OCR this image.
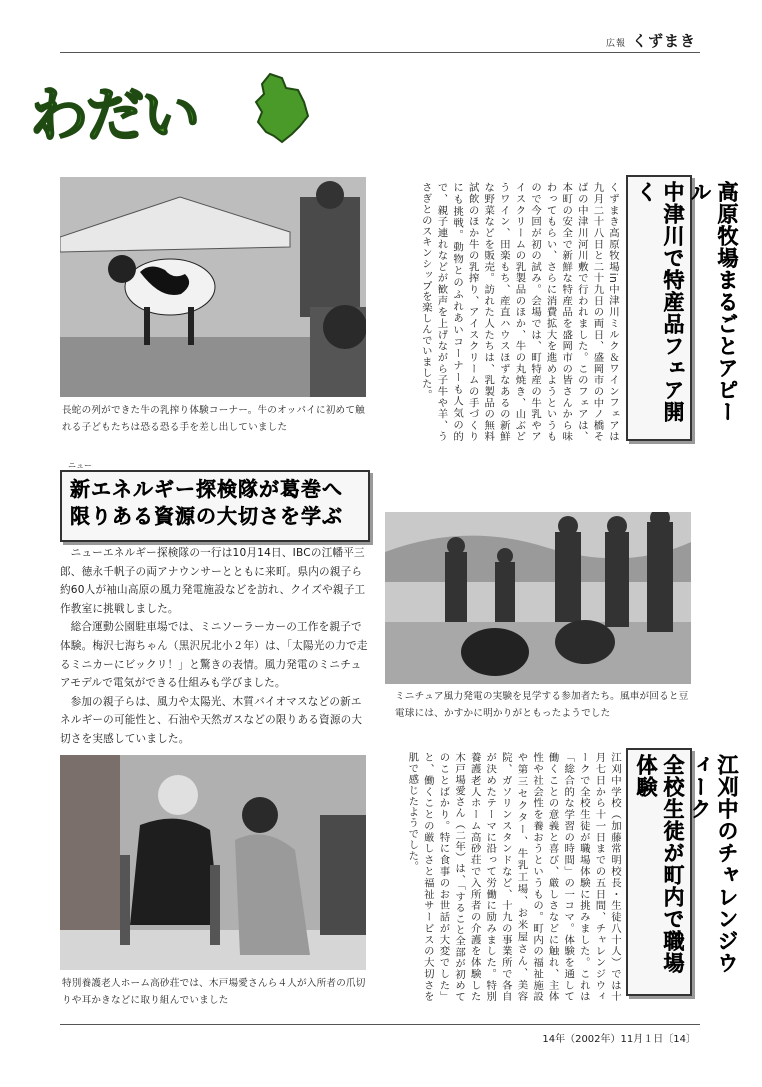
広報 くずまき
わだい
長蛇の列ができた牛の乳搾り体験コーナー。牛のオッパイに初めて触れる子どもたちは恐る恐る手を差し出していました	くずまき高原牧場in中津川ミルク＆ワインフェアは九月二十八日と二十九日の両日、盛岡市の中ノ橋そばの中津川河川敷で行われました。このフェアは、本町の安全で新鮮な特産品を盛岡市の皆さんから味わってもらい、さらに消費拡大を進めようというもので今回が初の試み。会場では、町特産の牛乳やアイスクリームの乳製品のほか、牛の丸焼き、山ぶどうワイン、田楽もち、産直ハウスほずなあるの新鮮な野菜などを販売。訪れた人たちは、乳製品の無料試飲のほか牛の乳搾り、アイスクリームの手づくりにも挑戦。動物とのふれあいコーナーも人気の的で、親子連れなどが歓声を上げながら子牛や羊、うさぎとのスキンシップを楽しんでいました。	高原牧場まるごとアピール
中津川で特産品フェア開く
ニュー
新エネルギー探検隊が葛巻へ
限りある資源の大切さを学ぶ

ニューエネルギー探検隊の一行は10月14日、IBCの江幡平三郎、徳永千帆子の両アナウンサーとともに来町。県内の親子ら約60人が袖山高原の風力発電施設などを訪れ、クイズや親子工作教室に挑戦しました。

総合運動公園駐車場では、ミニソーラーカーの工作を親子で体験。梅沢七海ちゃん（黒沢尻北小２年）は、「太陽光の力で走るミニカーにビックリ！」と驚きの表情。風力発電のミニチュアモデルで電気ができる仕組みも学びました。

参加の親子らは、風力や太陽光、木質バイオマスなどの新エネルギーの可能性と、石油や天然ガスなどの限りある資源の大切さを実感していました。

ミニチュア風力発電の実験を見学する参加者たち。風車が回ると豆電球には、かすかに明かりがともったようでした
特別養護老人ホーム高砂荘では、木戸場愛さんら４人が入所者の爪切りや耳かきなどに取り組んでいました	江刈中学校（加藤常明校長・生徒八十人）では十月七日から十一日までの五日間、チャレンジウィークで全校生徒が職場体験に挑みました。これは「総合的な学習の時間」の一コマ。体験を通して働くことの意義と喜び、厳しさなどに触れ、主体性や社会性を養おうというもの。町内の福祉施設や第三セクター、牛乳工場、お米屋さん、美容院、ガソリンスタンドなど、十九の事業所で各自が決めたテーマに沿って労働に励みました。特別養護老人ホーム高砂荘で入所者の介護を体験した木戸場愛さん（二年）は、「すること全部が初めてのことばかり。特に食事のお世話が大変でした」と、働くことの厳しさと福祉サービスの大切さを肌で感じたようでした。	江刈中のチャレンジウィーク
全校生徒が町内で職場体験
14年（2002年）11月１日〔14〕
